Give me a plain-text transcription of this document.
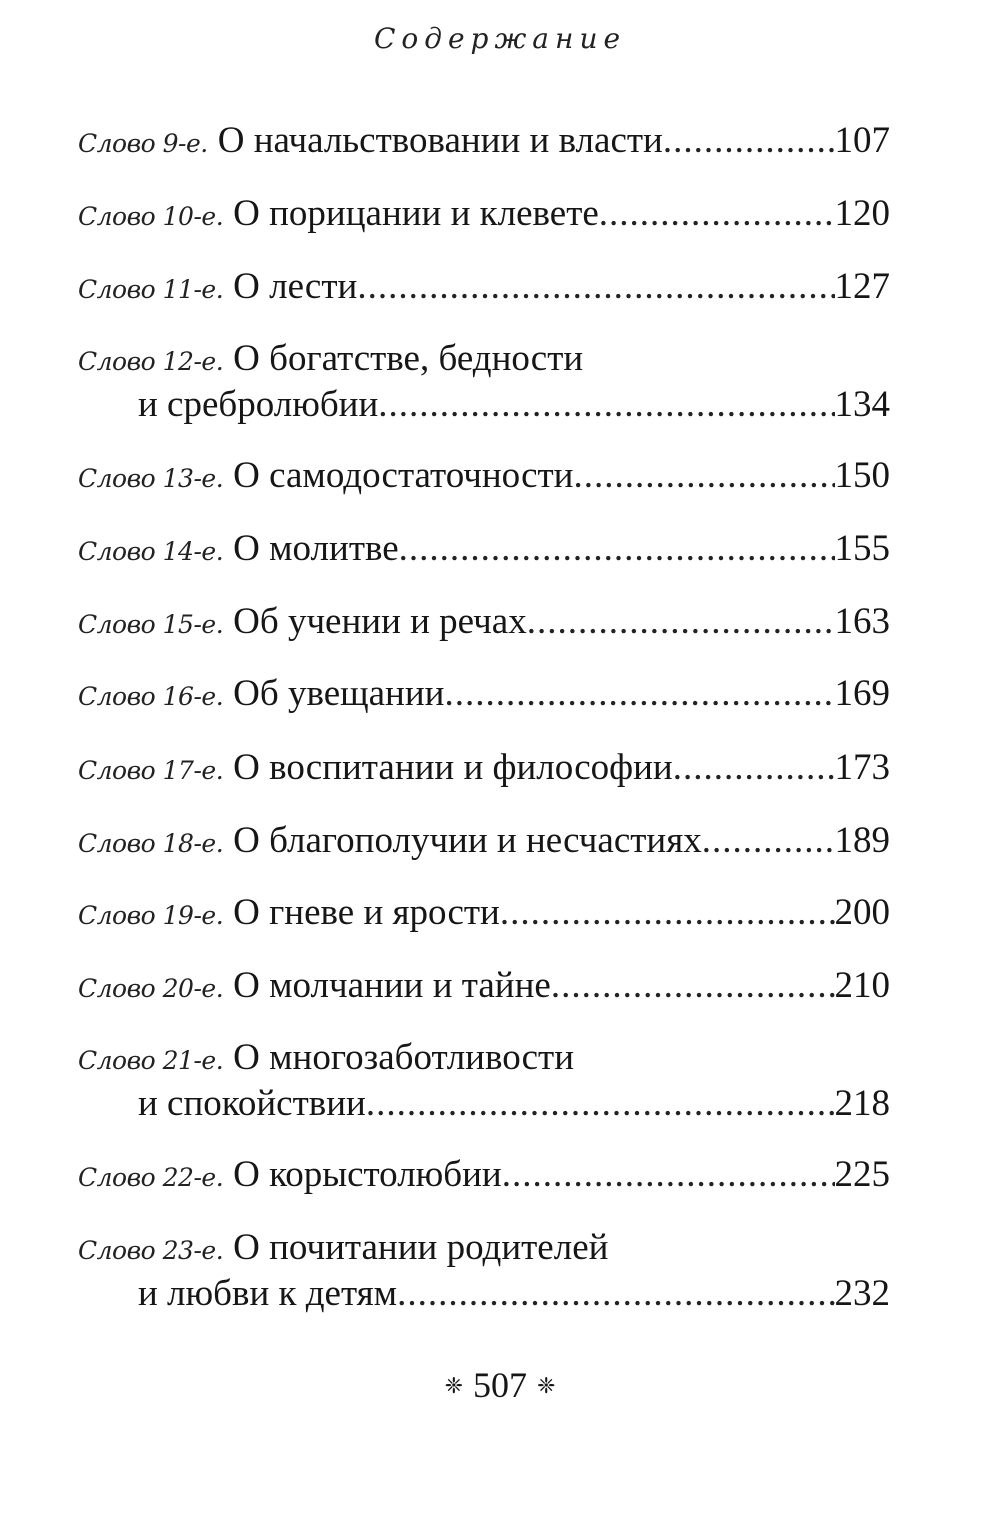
Содержание
Слово 9-е. О начальствовании и власти .....	107
Слово 10-е. О порицании и клевете .....	120
Слово 11-е. О лести .....	127
Слово 12-е. О богатстве, бедности
и сребролюбии .....	134
Слово 13-е. О самодостаточности .....	150
Слово 14-е. О молитве .....	155
Слово 15-е. Об учении и речах .....	163
Слово 16-е. Об увещании .....	169
Слово 17-е. О воспитании и философии .....	173
Слово 18-е. О благополучии и несчастиях .....	189
Слово 19-е. О гневе и ярости .....	200
Слово 20-е. О молчании и тайне .....	210
Слово 21-е. О многозаботливости
и спокойствии .....	218
Слово 22-е. О корыстолюбии .....	225
Слово 23-е. О почитании родителей
и любви к детям .....	232
❈ 507 ❈
